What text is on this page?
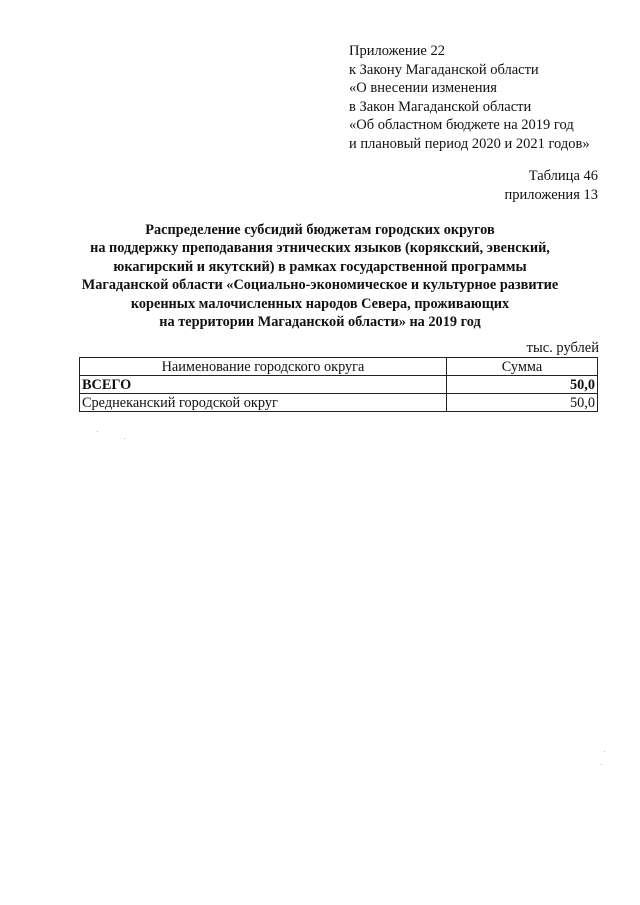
Приложение 22
к Закону Магаданской области
«О внесении изменения
в Закон Магаданской области
«Об областном бюджете на 2019 год
и плановый период 2020 и 2021 годов»
Таблица 46
приложения 13
Распределение субсидий бюджетам городских округов
на поддержку преподавания этнических языков (корякский, эвенский,
юкагирский и якутский) в рамках государственной программы
Магаданской области «Социально-экономическое и культурное развитие
коренных малочисленных народов Севера, проживающих
на территории Магаданской области» на 2019 год
тыс. рублей
Наименование городского округа	Сумма
ВСЕГО	50,0
Среднеканский городской округ	50,0
